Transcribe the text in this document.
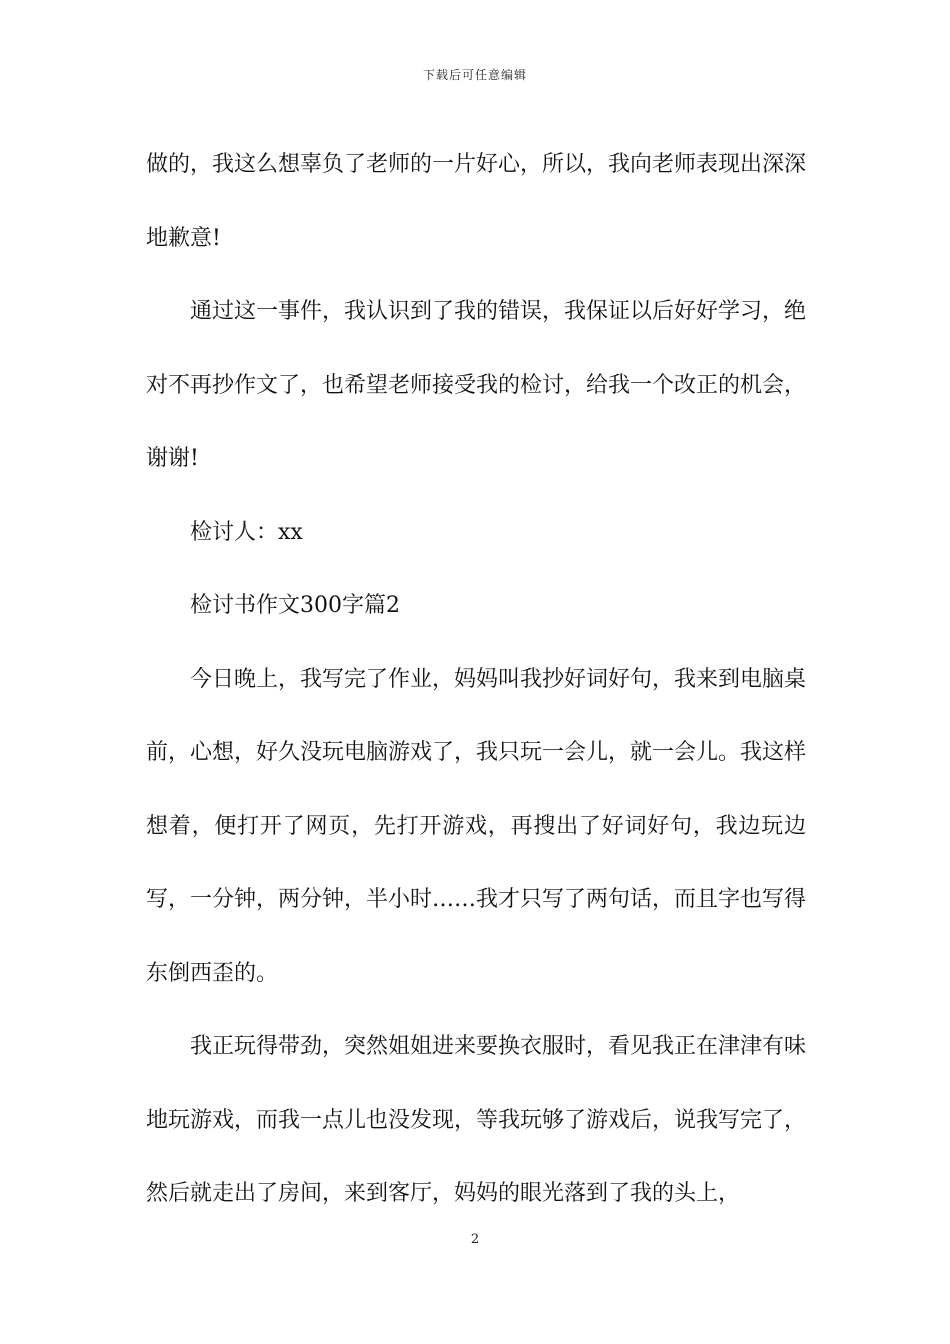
下载后可任意编辑

做的，我这么想辜负了老师的一片好心，所以，我向老师表现出深深地歉意!

通过这一事件，我认识到了我的错误，我保证以后好好学习，绝对不再抄作文了，也希望老师接受我的检讨，给我一个改正的机会，谢谢!

检讨人：xx

检讨书作文300字篇2

今日晚上，我写完了作业，妈妈叫我抄好词好句，我来到电脑桌前，心想，好久没玩电脑游戏了，我只玩一会儿，就一会儿。我这样想着，便打开了网页，先打开游戏，再搜出了好词好句，我边玩边写，一分钟，两分钟，半小时……我才只写了两句话，而且字也写得东倒西歪的。

我正玩得带劲，突然姐姐进来要换衣服时，看见我正在津津有味地玩游戏，而我一点儿也没发现，等我玩够了游戏后，说我写完了，然后就走出了房间，来到客厅，妈妈的眼光落到了我的头上，

2
